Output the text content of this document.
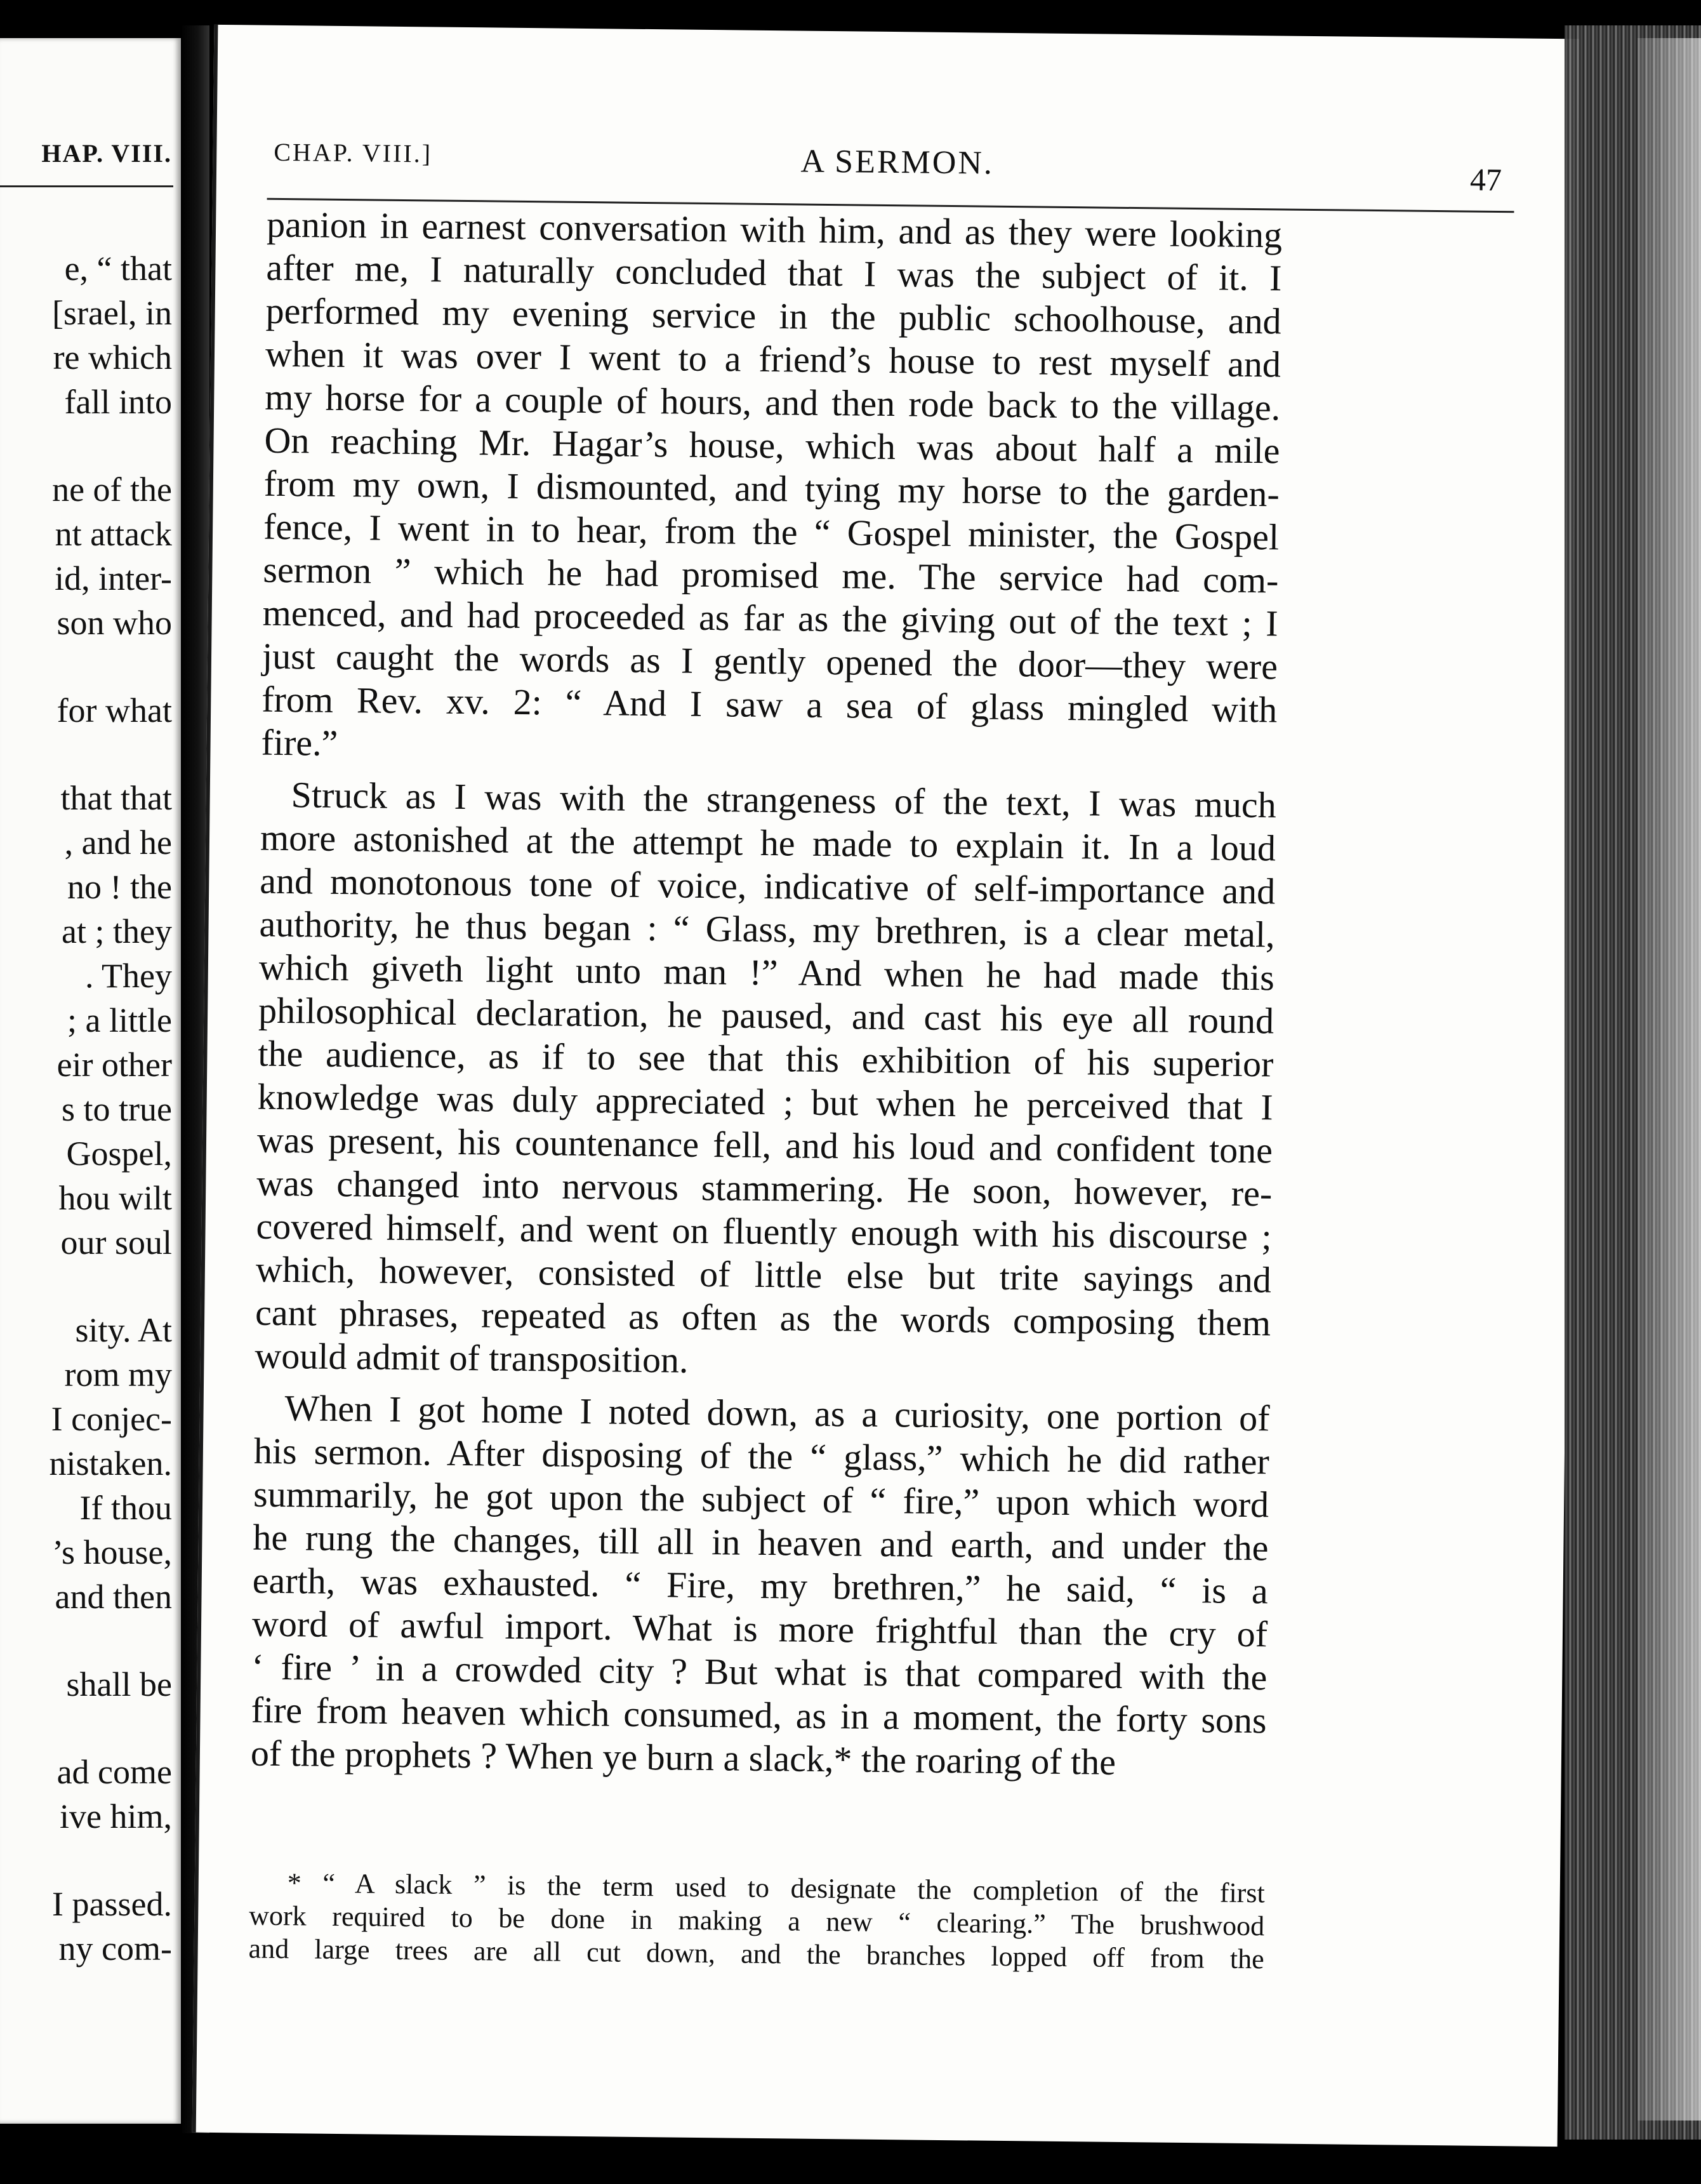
HAP. VIII.
e, “ that
[srael, in
re which
fall into
ne of the
nt attack
id, inter-
son who
for what
that that
, and he
no ! the
at ; they
. They
; a little
eir other
s to true
Gospel,
hou wilt
our soul
sity. At
rom my
I conjec-
nistaken.
If thou
’s house,
and then
shall be
ad come
ive him,
I passed.
ny com-
CHAP. VIII.]	A SERMON.	47
panion in earnest conversation with him, and as they were looking
after me, I naturally concluded that I was the subject of it. I
performed my evening service in the public schoolhouse, and
when it was over I went to a friend’s house to rest myself and
my horse for a couple of hours, and then rode back to the village.
On reaching Mr. Hagar’s house, which was about half a mile
from my own, I dismounted, and tying my horse to the garden-
fence, I went in to hear, from the “ Gospel minister, the Gospel
sermon ” which he had promised me. The service had com-
menced, and had proceeded as far as the giving out of the text ; I
just caught the words as I gently opened the door—they were
from Rev. xv. 2: “ And I saw a sea of glass mingled with
fire.”
Struck as I was with the strangeness of the text, I was much
more astonished at the attempt he made to explain it. In a loud
and monotonous tone of voice, indicative of self-importance and
authority, he thus began : “ Glass, my brethren, is a clear metal,
which giveth light unto man !” And when he had made this
philosophical declaration, he paused, and cast his eye all round
the audience, as if to see that this exhibition of his superior
knowledge was duly appreciated ; but when he perceived that I
was present, his countenance fell, and his loud and confident tone
was changed into nervous stammering. He soon, however, re-
covered himself, and went on fluently enough with his discourse ;
which, however, consisted of little else but trite sayings and
cant phrases, repeated as often as the words composing them
would admit of transposition.
When I got home I noted down, as a curiosity, one portion of
his sermon. After disposing of the “ glass,” which he did rather
summarily, he got upon the subject of “ fire,” upon which word
he rung the changes, till all in heaven and earth, and under the
earth, was exhausted. “ Fire, my brethren,” he said, “ is a
word of awful import. What is more frightful than the cry of
‘ fire ’ in a crowded city ? But what is that compared with the
fire from heaven which consumed, as in a moment, the forty sons
of the prophets ? When ye burn a slack,* the roaring of the
* “ A slack ” is the term used to designate the completion of the first
work required to be done in making a new “ clearing.” The brushwood
and large trees are all cut down, and the branches lopped off from the
